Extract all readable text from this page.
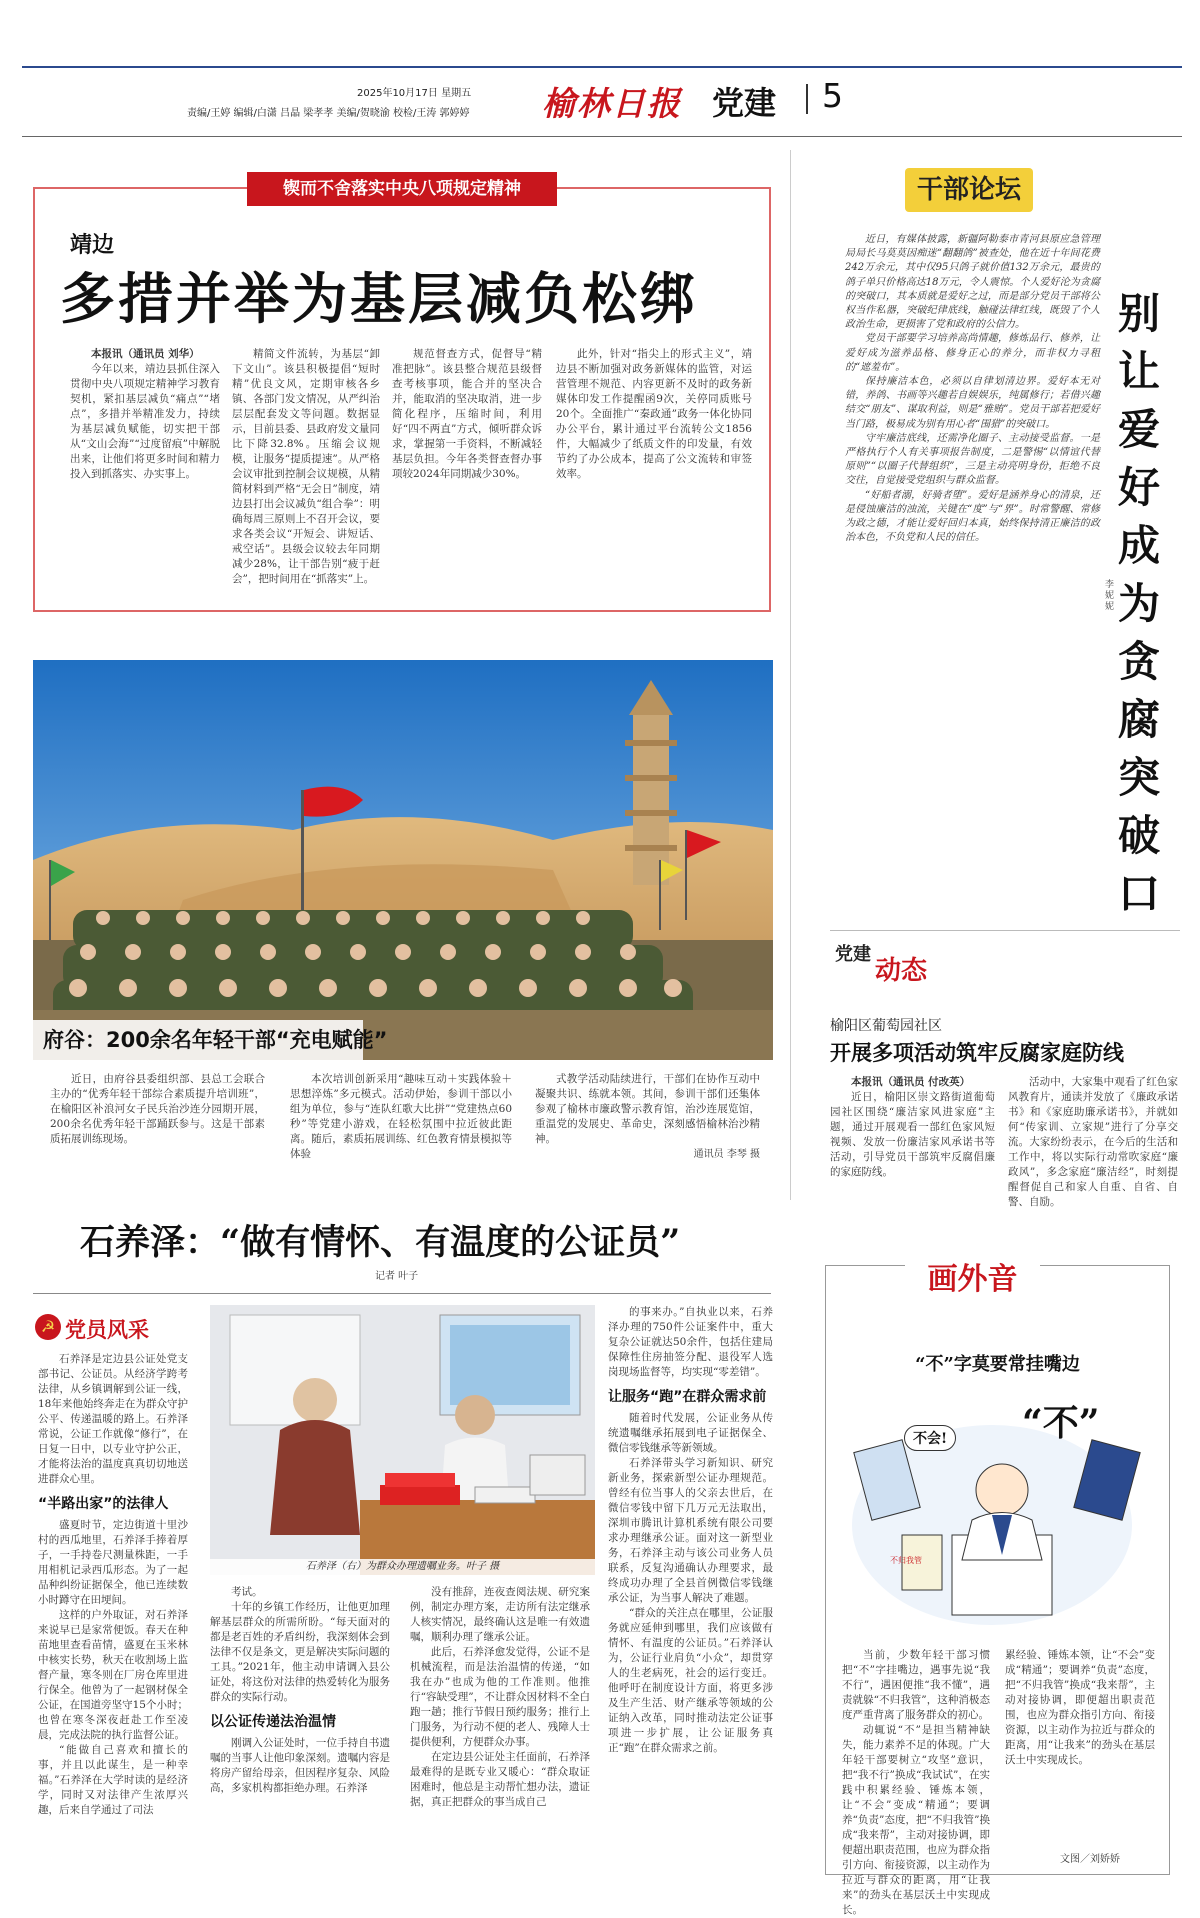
2025年10月17日 星期五
责编/王婷 编辑/白潇 吕晶 梁孝孝 美编/贺晓渝 校检/王涛 郭婷婷 榆林日报 党建 5
锲而不舍落实中央八项规定精神
靖边
多措并举为基层减负松绑

本报讯（通讯员 刘华）

今年以来，靖边县抓住深入贯彻中央八项规定精神学习教育契机，紧扣基层减负“痛点”“堵点”，多措并举精准发力，持续为基层减负赋能，切实把干部从“文山会海”“过度留痕”中解脱出来，让他们将更多时间和精力投入到抓落实、办实事上。

精简文件流转，为基层“卸下文山”。该县积极提倡“短时精”优良文风，定期审核各乡镇、各部门发文情况，从严纠治层层配套发文等问题。数据显示，目前县委、县政府发文量同比下降32.8%。压缩会议规模，让服务“提质提速”。从严格会议审批到控制会议规模，从精简材料到严格“无会日”制度，靖边县打出会议减负“组合拳”：明确每周三原则上不召开会议，要求各类会议“开短会、讲短话、戒空话”。县级会议较去年同期减少28%，让干部告别“疲于赶会”，把时间用在“抓落实”上。

规范督查方式，促督导“精准把脉”。该县整合规范县级督查考核事项，能合并的坚决合并，能取消的坚决取消，进一步简化程序，压缩时间，利用好“四不两直”方式，倾听群众诉求，掌握第一手资料，不断减轻基层负担。今年各类督查督办事项较2024年同期减少30%。

此外，针对“指尖上的形式主义”，靖边县不断加强对政务新媒体的监管，对运营管理不规范、内容更新不及时的政务新媒体印发工作提醒函9次，关停同质账号20个。全面推广“秦政通”政务一体化协同办公平台，累计通过平台流转公文1856件，大幅减少了纸质文件的印发量，有效节约了办公成本，提高了公文流转和审签效率。

府谷：200余名年轻干部“充电赋能”

近日，由府谷县委组织部、县总工会联合主办的“优秀年轻干部综合素质提升培训班”，在榆阳区补浪河女子民兵治沙连分园期开展，200余名优秀年轻干部踊跃参与。这是干部素质拓展训练现场。

本次培训创新采用“趣味互动＋实践体验＋思想淬炼”多元模式。活动伊始，参训干部以小组为单位，参与“连队红歌大比拼”“党建热点60秒”等党建小游戏，在轻松氛围中拉近彼此距离。随后，素质拓展训练、红色教育情景模拟等体验

式教学活动陆续进行，干部们在协作互动中凝聚共识、练就本领。其间，参训干部们还集体参观了榆林市廉政警示教育馆，治沙连展览馆，重温党的发展史、革命史，深刻感悟榆林治沙精神。

通讯员 李琴 摄
石养泽：“做有情怀、有温度的公证员”
记者 叶子
☭ 党员风采

石养泽是定边县公证处党支部书记、公证员。从经济学跨考法律，从乡镇调解到公证一线，18年来他始终奔走在为群众守护公平、传递温暖的路上。石养泽常说，公证工作就像“修行”，在日复一日中，以专业守护公正，才能将法治的温度真真切切地送进群众心里。

“半路出家”的法律人

盛夏时节，定边街道十里沙村的西瓜地里，石养泽手捧着厚子，一手持卷尺测量株距，一手用相机记录西瓜形态。为了一起品种纠纷证据保全，他已连续数小时蹲守在田埂间。

这样的户外取证，对石养泽来说早已是家常便饭。春天在种苗地里查看苗情，盛夏在玉米林中核实长势，秋天在收割场上监督产量，寒冬则在厂房仓库里进行保全。他曾为了一起钢材保全公证，在国道旁坚守15个小时；也曾在寒冬深夜赶赴工作至凌晨，完成法院的执行监督公证。

“能做自己喜欢和擅长的事，并且以此谋生，是一种幸福。”石养泽在大学时读的是经济学，同时又对法律产生浓厚兴趣，后来自学通过了司法

石养泽（右）为群众办理遗嘱业务。叶子 摄

考试。

十年的乡镇工作经历，让他更加理解基层群众的所需所盼。“每天面对的都是老百姓的矛盾纠纷，我深刻体会到法律不仅是条文，更是解决实际问题的工具。”2021年，他主动申请调入县公证处，将这份对法律的热爱转化为服务群众的实际行动。

以公证传递法治温情

刚调入公证处时，一位手持自书遗嘱的当事人让他印象深刻。遗嘱内容是将房产留给母亲，但因程序复杂、风险高，多家机构都拒绝办理。石养泽

没有推辞，连夜查阅法规、研究案例，制定办理方案，走访所有法定继承人核实情况，最终确认这是唯一有效遗嘱，顺利办理了继承公证。

此后，石养泽愈发觉得，公证不是机械流程，而是法治温情的传递，“如我在办”也成为他的工作准则。他推行“容缺受理”，不让群众因材料不全白跑一趟；推行节假日预约服务；推行上门服务，为行动不便的老人、残障人士提供便利，方便群众办事。

在定边县公证处主任面前，石养泽最难得的是既专业又暖心：“群众取证困难时，他总是主动帮忙想办法，遗证据，真正把群众的事当成自己

的事来办。”自执业以来，石养泽办理的750件公证案件中，重大复杂公证就达50余件，包括住建局保障性住房抽签分配、退役军人选岗现场监督等，均实现“零差错”。

让服务“跑”在群众需求前

随着时代发展，公证业务从传统遗嘱继承拓展到电子证据保全、微信零钱继承等新领域。

石养泽带头学习新知识、研究新业务，探索新型公证办理规范。曾经有位当事人的父亲去世后，在微信零钱中留下几万元无法取出，深圳市腾讯计算机系统有限公司要求办理继承公证。面对这一新型业务，石养泽主动与该公司业务人员联系，反复沟通确认办理要求，最终成功办理了全县首例微信零钱继承公证，为当事人解决了难题。

“群众的关注点在哪里，公证服务就应延伸到哪里，我们应该做有情怀、有温度的公证员。”石养泽认为，公证行业肩负“小众”，却贯穿人的生老病死，社会的运行变迁。他呼吁在制度设计方面，将更多涉及生产生活、财产继承等领域的公证纳入改革，同时推动法定公证事项进一步扩展，让公证服务真正“跑”在群众需求之前。

干部论坛
别让爱好成为贪腐突破口
李妮妮

近日，有媒体披露，新疆阿勒泰市青河县原应急管理局局长马莫莫因痴迷“翻翻鸽”被查处，他在近十年间花费242万余元，其中仅95只鸽子就价值132万余元，最贵的鸽子单只价格高达18万元，令人震惊。个人爱好沦为贪腐的突破口，其本质就是爱好之过，而是部分党员干部将公权当作私器，突破纪律底线，触碰法律红线，既毁了个人政治生命，更损害了党和政府的公信力。

党员干部要学习培养高尚情趣，修炼品行、修养，让爱好成为滋养品格、修身正心的养分，而非权力寻租的“遮羞布”。

保持廉洁本色，必须以自律划清边界。爱好本无对错，养鸽、书画等兴趣若自娱娱乐，纯属修行；若借兴趣结交“朋友”、谋取利益，则是“雅贿”。党员干部若把爱好当门路，极易成为别有用心者“围猎”的突破口。

守牢廉洁底线，还需净化圈子、主动接受监督。一是严格执行个人有关事项报告制度，二是警惕“以情谊代替原则”“以圈子代替组织”，三是主动亮明身份，拒绝不良交往，自觉接受党组织与群众监督。

“好船者溺，好骑者堕”。爱好是涵养身心的清泉，还是侵蚀廉洁的浊流，关键在“度”与“界”。时常警醒、常修为政之德，才能让爱好回归本真，始终保持清正廉洁的政治本色，不负党和人民的信任。

党建
动态
榆阳区葡萄园社区
开展多项活动筑牢反腐家庭防线

本报讯（通讯员 付改英）

近日，榆阳区崇文路街道葡萄园社区围绕“廉洁家风进家庭”主题，通过开展观看一部红色家风短视频、发放一份廉洁家风承诺书等活动，引导党员干部筑牢反腐倡廉的家庭防线。

活动中，大家集中观看了红色家风教育片，通读并发放了《廉政承诺书》和《家庭助廉承诺书》，并就如何“传家训、立家规”进行了分享交流。大家纷纷表示，在今后的生活和工作中，将以实际行动常吹家庭“廉政风”，多念家庭“廉洁经”，时刻提醒督促自己和家人自重、自省、自警、自励。

画外音
“不”字莫要常挂嘴边
不会! “不”
不归我管

当前，少数年轻干部习惯把“不”字挂嘴边，遇事先说“我不行”，遇困便推“我不懂”，遇责就躲“不归我管”，这种消极态度严重背离了服务群众的初心。

动辄说“不”是担当精神缺失，能力素养不足的体现。广大年轻干部要树立“攻坚”意识，把“我不行”换成“我试试”，在实践中积累经验、锤炼本领，让“不会”变成“精通”；要调养“负责”态度，把“不归我管”换成“我来帮”，主动对接协调，即便超出职责范围，也应为群众指引方向、衔接资源，以主动作为拉近与群众的距离，用“让我来”的劲头在基层沃土中实现成长。

累经验、锤炼本领，让“不会”变成“精通”；要调养“负责”态度，把“不归我管”换成“我来帮”，主动对接协调，即便超出职责范围，也应为群众指引方向、衔接资源，以主动作为拉近与群众的距离，用“让我来”的劲头在基层沃土中实现成长。

文图／刘娇娇
